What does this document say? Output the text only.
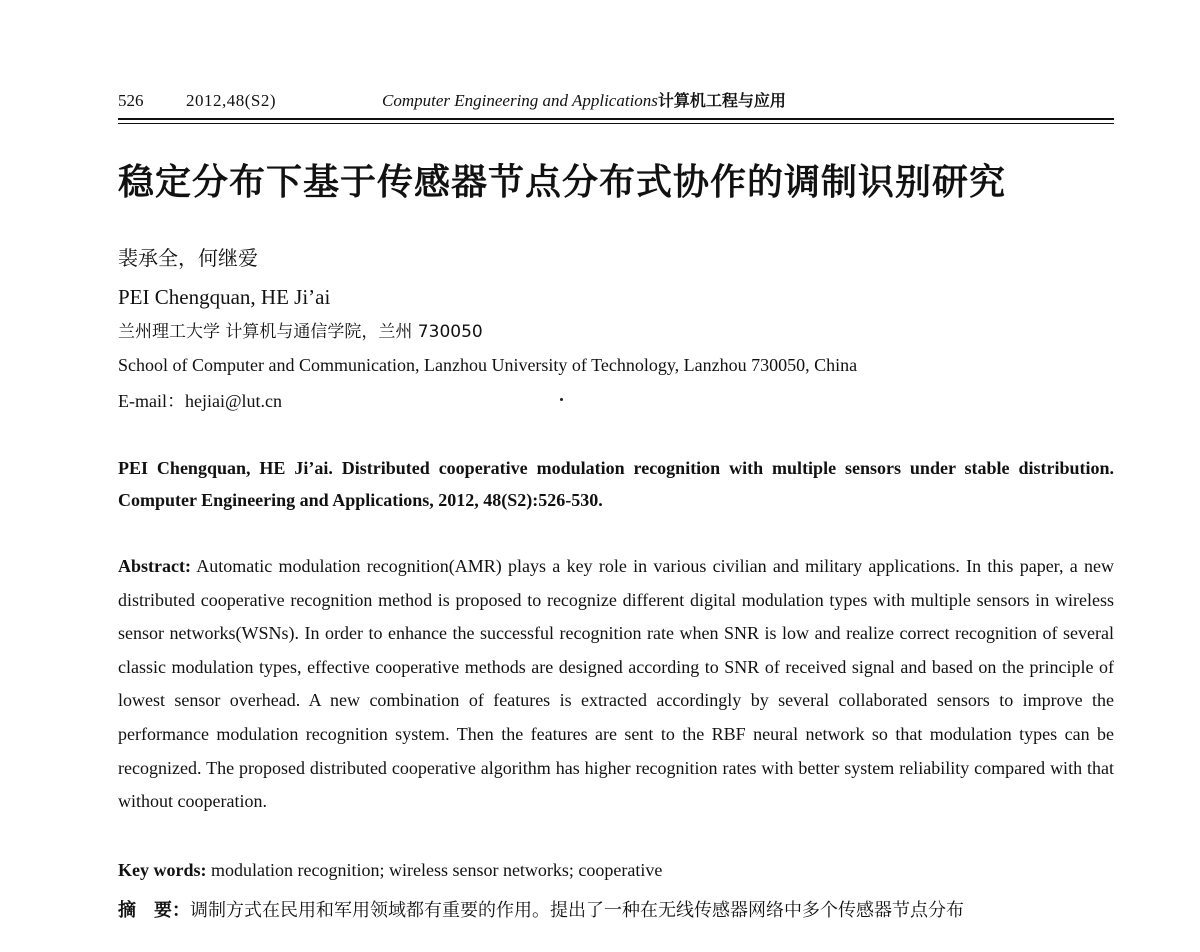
526	2012,48(S2)	Computer Engineering and Applications计算机工程与应用
稳定分布下基于传感器节点分布式协作的调制识别研究
裴承全，何继爱
PEI Chengquan, HE Ji’ai
兰州理工大学 计算机与通信学院，兰州 730050
School of Computer and Communication, Lanzhou University of Technology, Lanzhou 730050, China
E-mail：hejiai@lut.cn
PEI Chengquan, HE Ji’ai. Distributed cooperative modulation recognition with multiple sensors under stable distribution. Computer Engineering and Applications, 2012, 48(S2):526-530.
Abstract: Automatic modulation recognition(AMR) plays a key role in various civilian and military applications. In this paper, a new distributed cooperative recognition method is proposed to recognize different digital modulation types with multiple sensors in wireless sensor networks(WSNs). In order to enhance the successful recognition rate when SNR is low and realize correct recognition of several classic modulation types, effective cooperative methods are designed according to SNR of received signal and based on the principle of lowest sensor overhead. A new combination of features is extracted accordingly by several collaborated sensors to improve the performance modulation recognition system. Then the features are sent to the RBF neural network so that modulation types can be recognized. The proposed distributed cooperative algorithm has higher recognition rates with better system reliability compared with that without cooperation.
Key words: modulation recognition; wireless sensor networks; cooperative
摘　要：调制方式在民用和军用领域都有重要的作用。提出了一种在无线传感器网络中多个传感器节点分布
